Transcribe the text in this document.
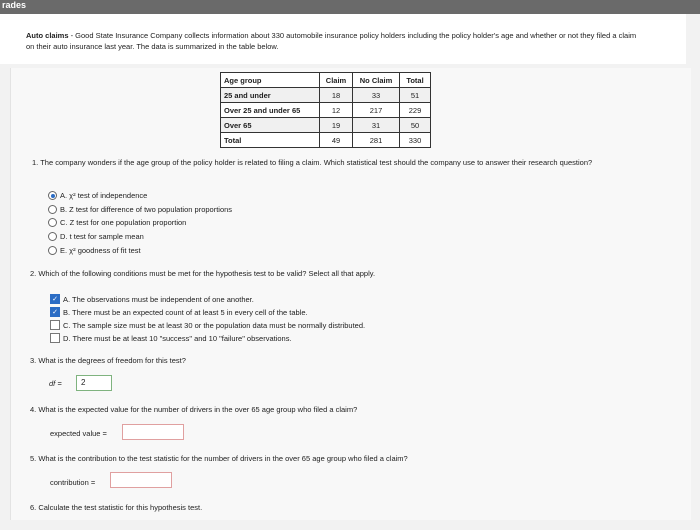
rades
Auto claims - Good State Insurance Company collects information about 330 automobile insurance policy holders including the policy holder's age and whether or not they filed a claim on their auto insurance last year. The data is summarized in the table below.
Age group	Claim	No Claim	Total
25 and under	18	33	51
Over 25 and under 65	12	217	229
Over 65	19	31	50
Total	49	281	330
1. The company wonders if the age group of the policy holder is related to filing a claim. Which statistical test should the company use to answer their research question?
A. χ² test of independence
B. Z test for difference of two population proportions
C. Z test for one population proportion
D. t test for sample mean
E. χ² goodness of fit test
2. Which of the following conditions must be met for the hypothesis test to be valid? Select all that apply.
✓ A. The observations must be independent of one another.
✓ B. There must be an expected count of at least 5 in every cell of the table.
C. The sample size must be at least 30 or the population data must be normally distributed.
D. There must be at least 10 "success" and 10 "failure" observations.
3. What is the degrees of freedom for this test?
df =	2
4. What is the expected value for the number of drivers in the over 65 age group who filed a claim?
expected value =
5. What is the contribution to the test statistic for the number of drivers in the over 65 age group who filed a claim?
contribution =
6. Calculate the test statistic for this hypothesis test.
